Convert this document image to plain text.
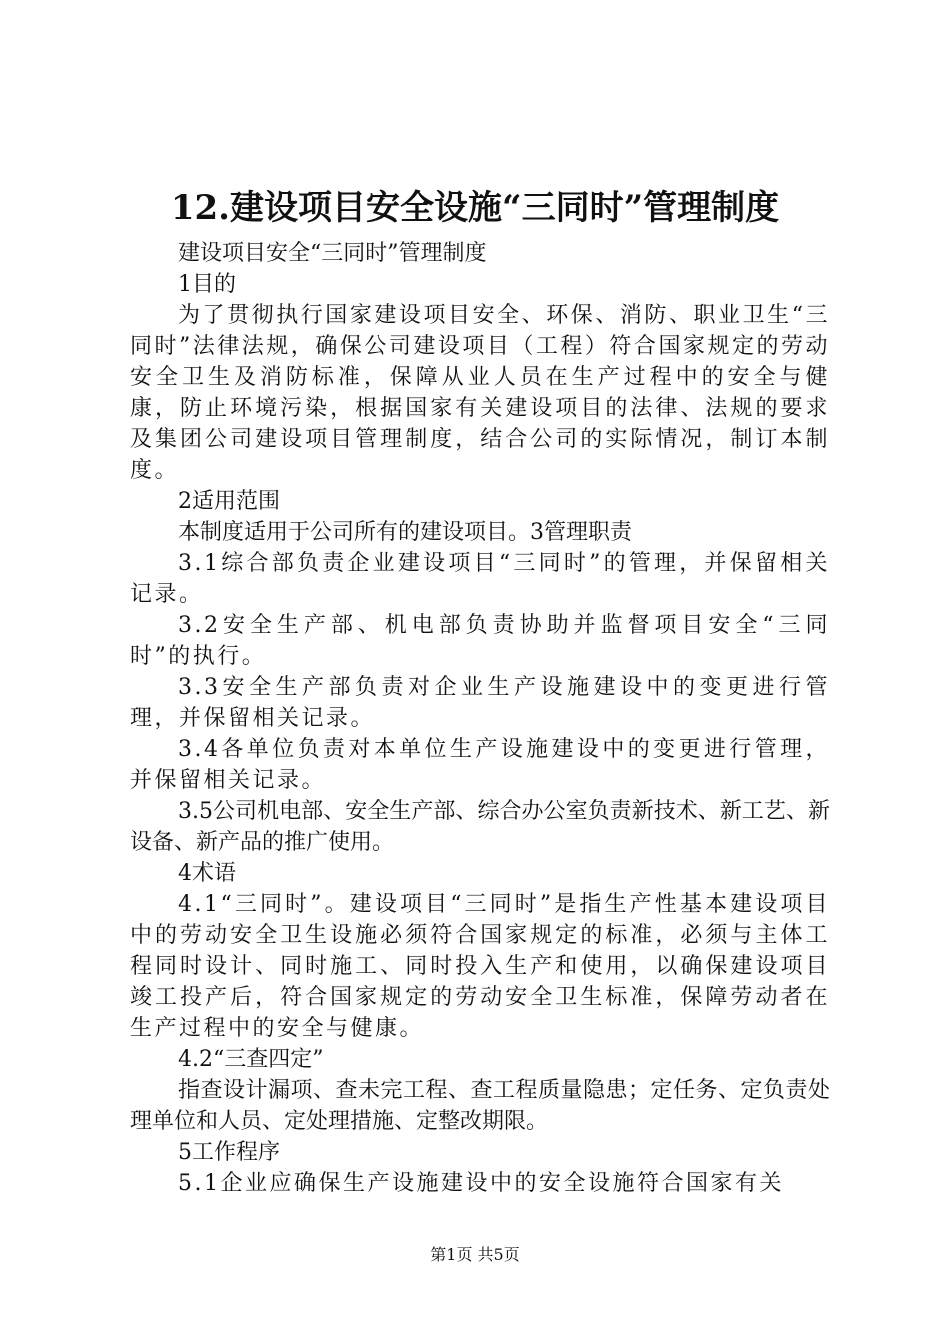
12.建设项目安全设施“三同时”管理制度

建设项目安全“三同时”管理制度

1目的

为了贯彻执行国家建设项目安全、环保、消防、职业卫生“三同时”法律法规，确保公司建设项目（工程）符合国家规定的劳动安全卫生及消防标准，保障从业人员在生产过程中的安全与健康，防止环境污染，根据国家有关建设项目的法律、法规的要求及集团公司建设项目管理制度，结合公司的实际情况，制订本制度。

2适用范围

本制度适用于公司所有的建设项目。3管理职责

3.1综合部负责企业建设项目“三同时”的管理，并保留相关记录。

3.2安全生产部、机电部负责协助并监督项目安全“三同时”的执行。

3.3安全生产部负责对企业生产设施建设中的变更进行管理，并保留相关记录。

3.4各单位负责对本单位生产设施建设中的变更进行管理，并保留相关记录。

3.5公司机电部、安全生产部、综合办公室负责新技术、新工艺、新设备、新产品的推广使用。

4术语

4.1“三同时”。建设项目“三同时”是指生产性基本建设项目中的劳动安全卫生设施必须符合国家规定的标准，必须与主体工程同时设计、同时施工、同时投入生产和使用，以确保建设项目竣工投产后，符合国家规定的劳动安全卫生标准，保障劳动者在生产过程中的安全与健康。

4.2“三查四定”

指查设计漏项、查未完工程、查工程质量隐患；定任务、定负责处理单位和人员、定处理措施、定整改期限。

5工作程序

5.1企业应确保生产设施建设中的安全设施符合国家有关

第1页 共5页
